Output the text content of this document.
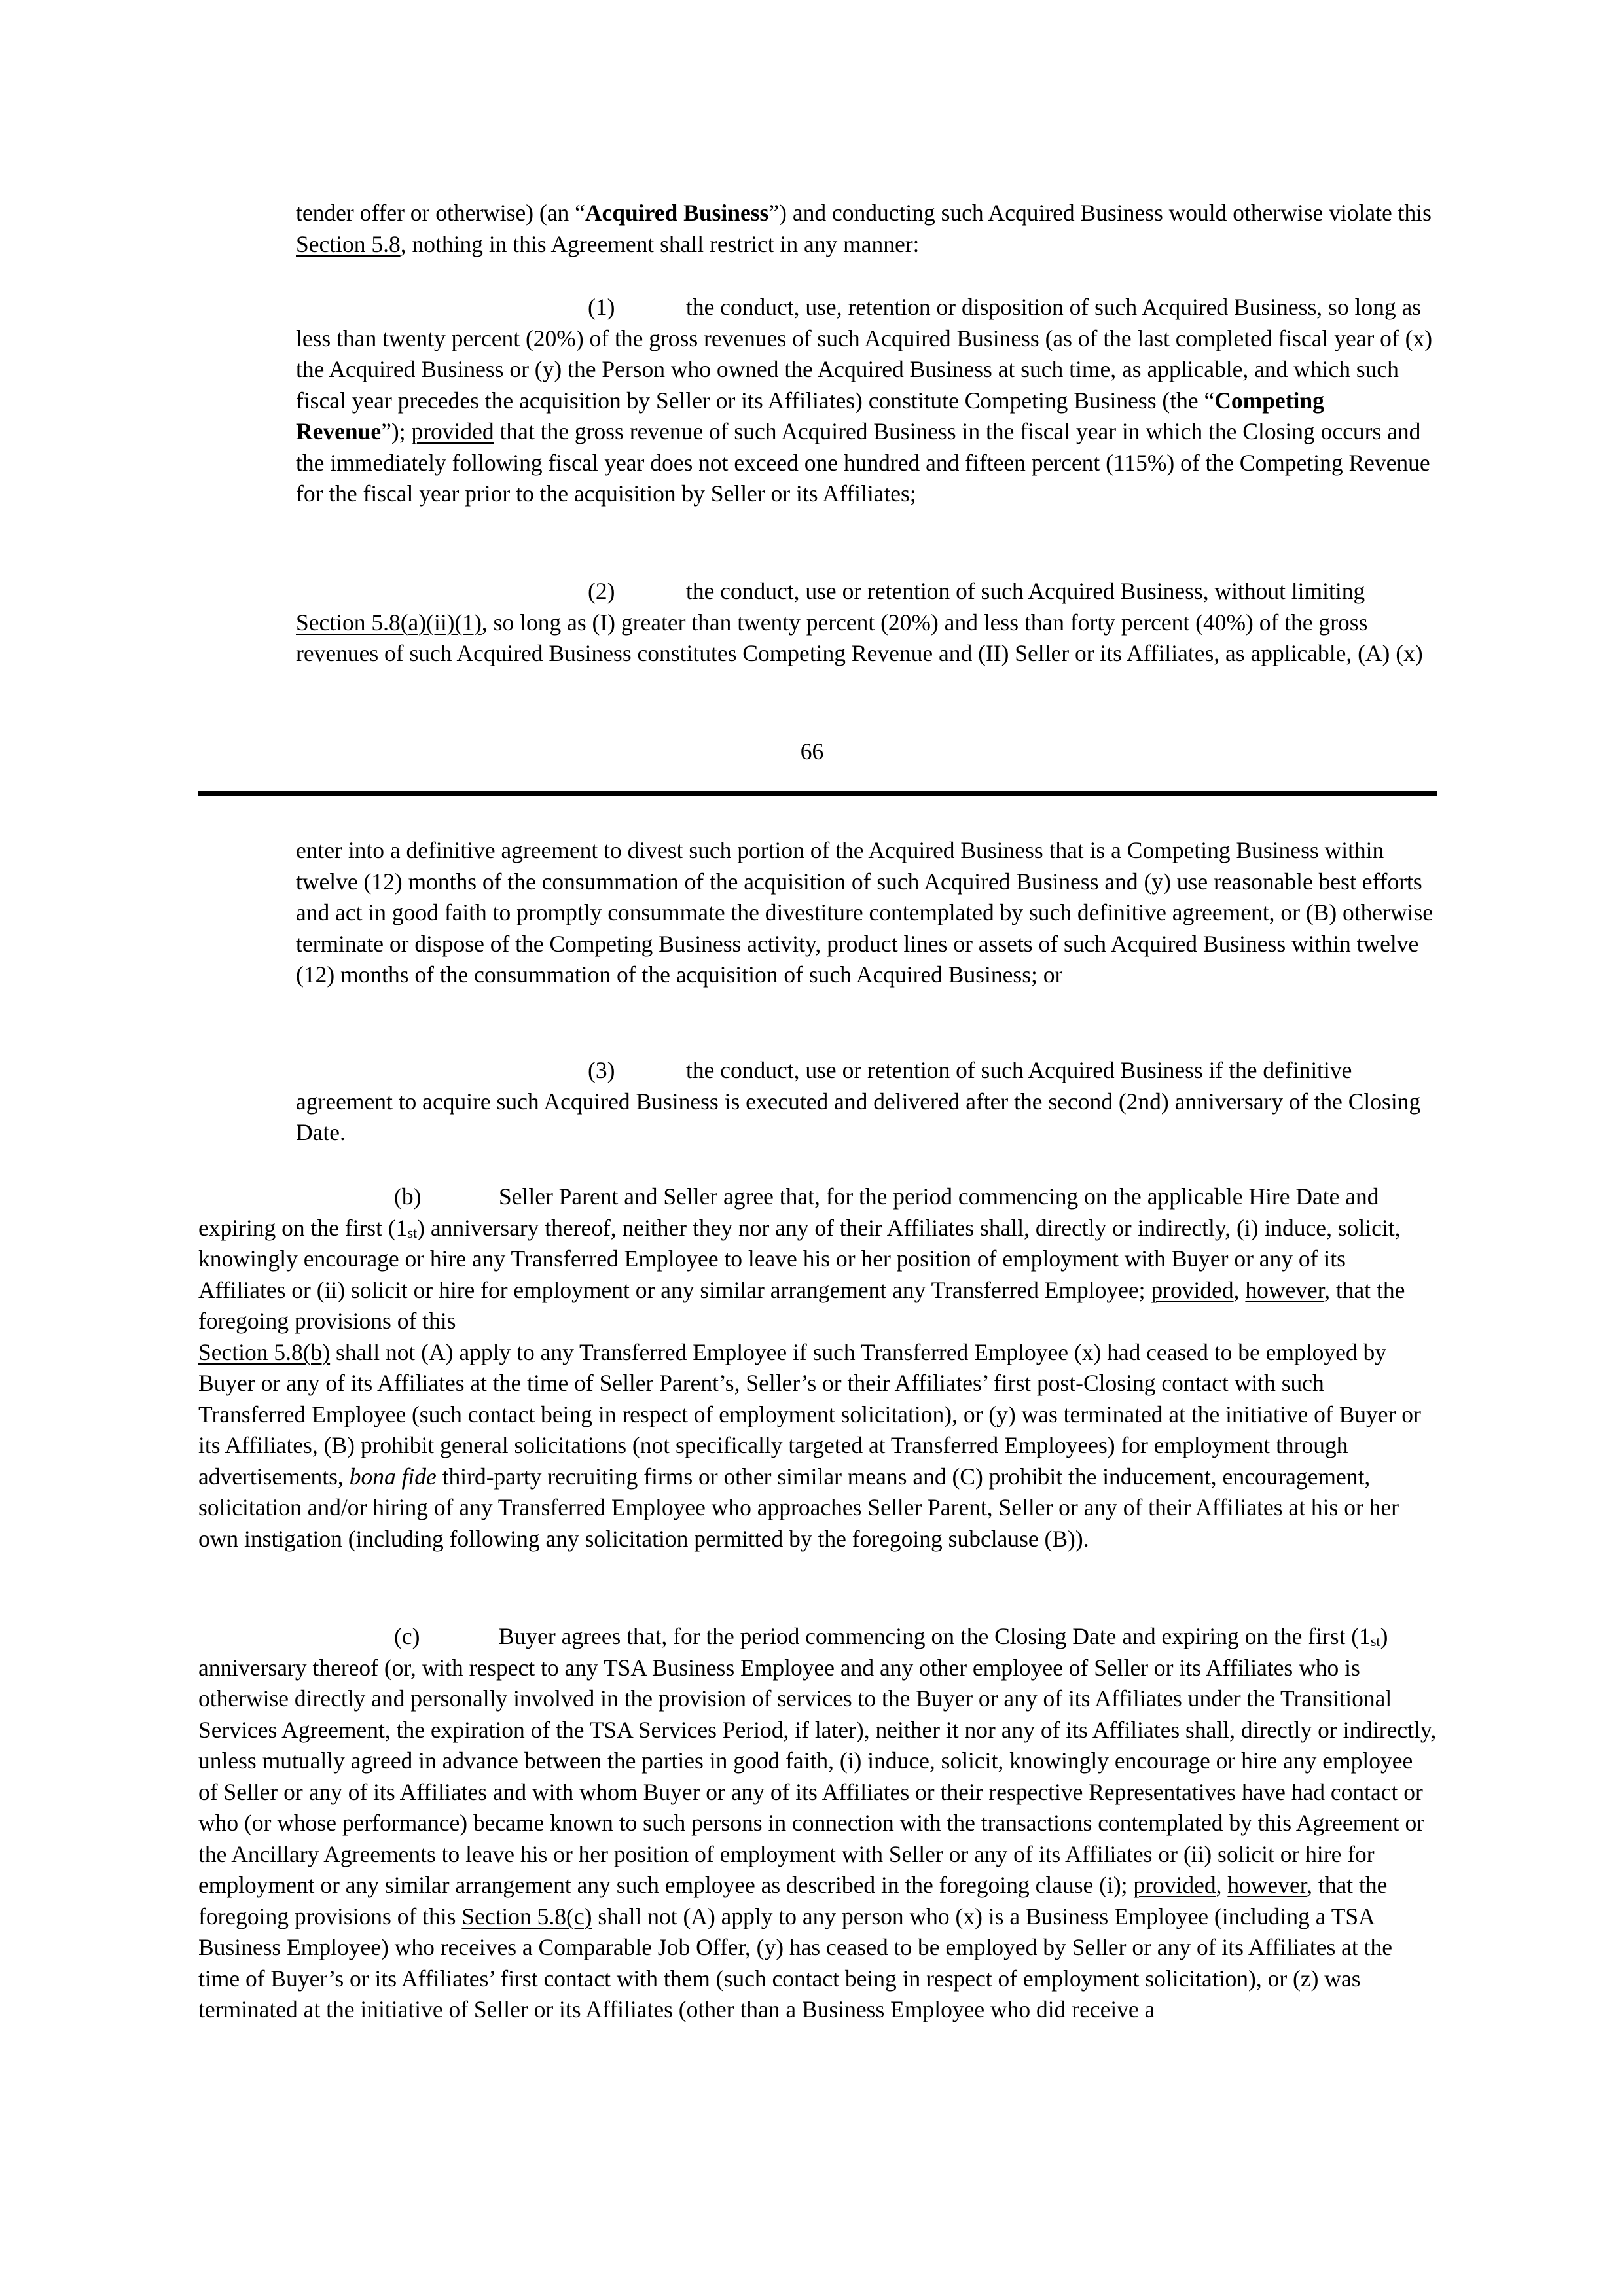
tender offer or otherwise) (an “Acquired Business”) and conducting such Acquired Business would otherwise violate this Section 5.8, nothing in this Agreement shall restrict in any manner:

(1)	the conduct, use, retention or disposition of such Acquired Business, so long as less than twenty percent (20%) of the gross revenues of such Acquired Business (as of the last completed fiscal year of (x) the Acquired Business or (y) the Person who owned the Acquired Business at such time, as applicable, and which such fiscal year precedes the acquisition by Seller or its Affiliates) constitute Competing Business (the “Competing Revenue”); provided that the gross revenue of such Acquired Business in the fiscal year in which the Closing occurs and the immediately following fiscal year does not exceed one hundred and fifteen percent (115%) of the Competing Revenue for the fiscal year prior to the acquisition by Seller or its Affiliates;

(2)	the conduct, use or retention of such Acquired Business, without limiting Section 5.8(a)(ii)(1), so long as (I) greater than twenty percent (20%) and less than forty percent (40%) of the gross revenues of such Acquired Business constitutes Competing Revenue and (II) Seller or its Affiliates, as applicable, (A) (x)

66

enter into a definitive agreement to divest such portion of the Acquired Business that is a Competing Business within twelve (12) months of the consummation of the acquisition of such Acquired Business and (y) use reasonable best efforts and act in good faith to promptly consummate the divestiture contemplated by such definitive agreement, or (B) otherwise terminate or dispose of the Competing Business activity, product lines or assets of such Acquired Business within twelve (12) months of the consummation of the acquisition of such Acquired Business; or

(3)	the conduct, use or retention of such Acquired Business if the definitive agreement to acquire such Acquired Business is executed and delivered after the second (2nd) anniversary of the Closing Date.

(b)	Seller Parent and Seller agree that, for the period commencing on the applicable Hire Date and expiring on the first $(1_{st})$ anniversary thereof, neither they nor any of their Affiliates shall, directly or indirectly, (i) induce, solicit, knowingly encourage or hire any Transferred Employee to leave his or her position of employment with Buyer or any of its Affiliates or (ii) solicit or hire for employment or any similar arrangement any Transferred Employee; provided, however, that the foregoing provisions of this
Section 5.8(b) shall not (A) apply to any Transferred Employee if such Transferred Employee (x) had ceased to be employed by Buyer or any of its Affiliates at the time of Seller Parent’s, Seller’s or their Affiliates’ first post-Closing contact with such Transferred Employee (such contact being in respect of employment solicitation), or (y) was terminated at the initiative of Buyer or its Affiliates, (B) prohibit general solicitations (not specifically targeted at Transferred Employees) for employment through advertisements, bona fide third-party recruiting firms or other similar means and (C) prohibit the inducement, encouragement, solicitation and/or hiring of any Transferred Employee who approaches Seller Parent, Seller or any of their Affiliates at his or her own instigation (including following any solicitation permitted by the foregoing subclause (B)).

(c)	Buyer agrees that, for the period commencing on the Closing Date and expiring on the first $(1_{st})$ anniversary thereof (or, with respect to any TSA Business Employee and any other employee of Seller or its Affiliates who is otherwise directly and personally involved in the provision of services to the Buyer or any of its Affiliates under the Transitional Services Agreement, the expiration of the TSA Services Period, if later), neither it nor any of its Affiliates shall, directly or indirectly, unless mutually agreed in advance between the parties in good faith, (i) induce, solicit, knowingly encourage or hire any employee of Seller or any of its Affiliates and with whom Buyer or any of its Affiliates or their respective Representatives have had contact or who (or whose performance) became known to such persons in connection with the transactions contemplated by this Agreement or the Ancillary Agreements to leave his or her position of employment with Seller or any of its Affiliates or (ii) solicit or hire for employment or any similar arrangement any such employee as described in the foregoing clause (i); provided, however, that the foregoing provisions of this Section 5.8(c) shall not (A) apply to any person who (x) is a Business Employee (including a TSA Business Employee) who receives a Comparable Job Offer, (y) has ceased to be employed by Seller or any of its Affiliates at the time of Buyer’s or its Affiliates’ first contact with them (such contact being in respect of employment solicitation), or (z) was terminated at the initiative of Seller or its Affiliates (other than a Business Employee who did receive a
